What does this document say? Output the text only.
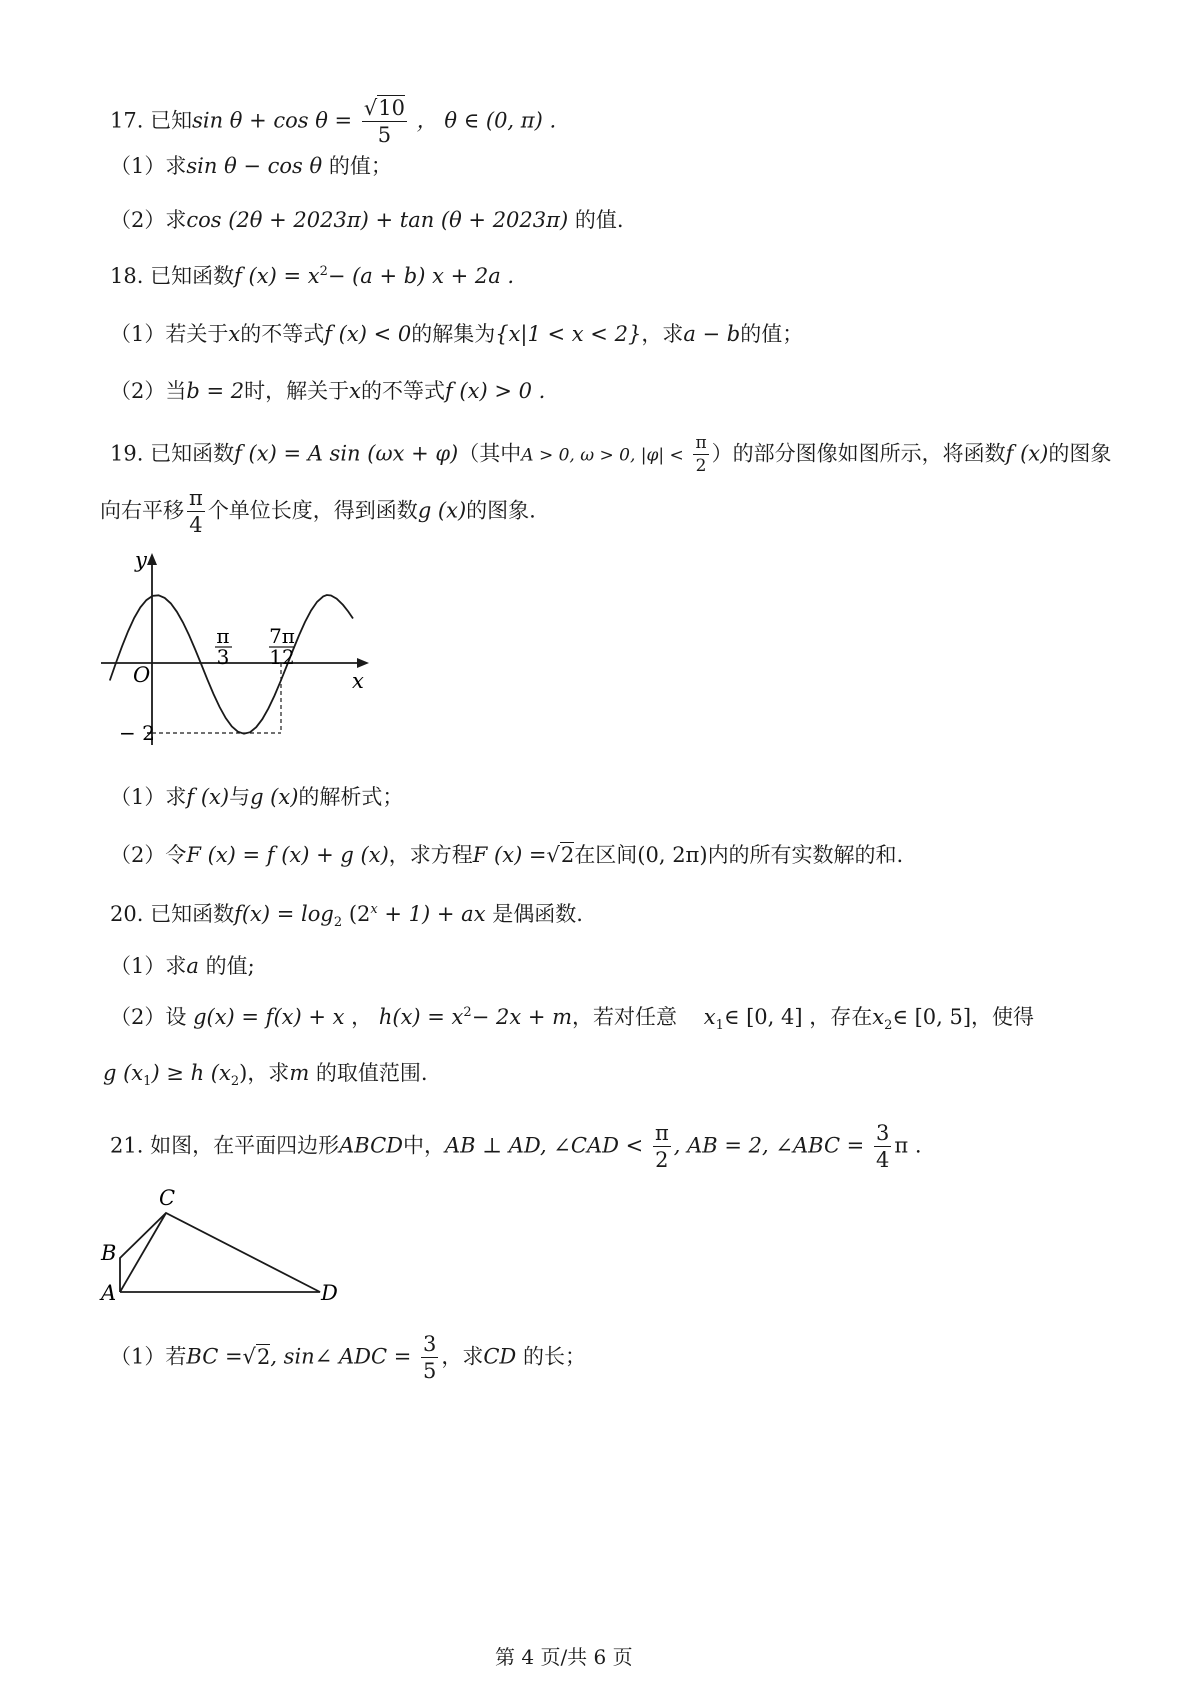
17. 已知$\sin \theta + \cos \theta = \frac{√10}{5}$ ， θ ∈ (0, π) .
（1）求sin θ − cos θ 的值；
（2）求cos (2θ + 2023π) + tan (θ + 2023π) 的值.
18. 已知函数f $(x) = x^2- (a + b) x + 2a$ .
（1）若关于x的不等式f (x) < 0的解集为{x|1 < x < 2}，求a − b的值；
（2）当b = 2时，解关于x的不等式f (x) > 0 .
19. 已知函数f (x) = A sin (ωx + φ)（其中A > 0, ω > 0, $|\varphi| < \frac{\pi}{2}$ ）的部分图像如图所示，将函数f (x)的图象
向右平移 $\frac{\pi}{4}$ 个单位长度，得到函数g (x)的图象.
y
x
O
π
3
7π
12
− 2
（1）求f (x)与g (x)的解析式；
（2）令F (x) = f (x) + g (x)，求方程F (x) =√2在区间(0, 2π)内的所有实数解的和.
20. 已知函数$f(x) = \log_2 (2^x + 1)$ + ax 是偶函数.
（1）求a 的值;
（2）设 g(x) = f(x) + x ， $h(x) = x^2- 2x + m$，若对任意 $x_1\in$ [0, 4] ，存在$x_2\in$ [0, 5]，使得
g $(x_1) \ge h$ $(x_2)$，求m 的取值范围.
21. 如图，在平面四边形ABCD中，AB ⊥ AD, ∠CAD < $\frac{\pi}{2}$ , AB = 2, ∠ABC = $\frac{3}{4}$ π .
C
B
A	D
（1）若BC =√2, sin∠ ADC = $\frac{3}{5}$ ，求CD 的长；
第 4 页/共 6 页
